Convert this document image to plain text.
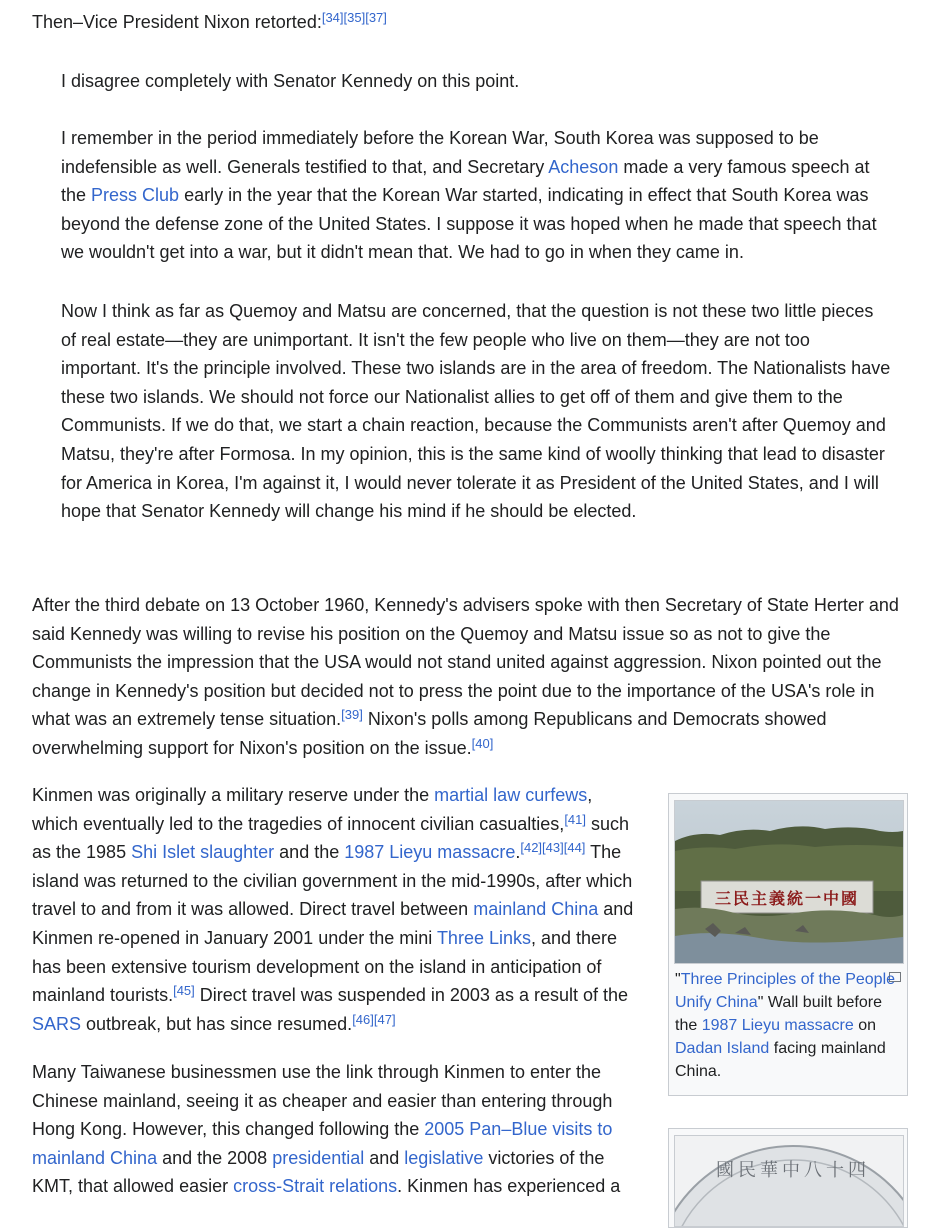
Then–Vice President Nixon retorted:[34][35][37]

I disagree completely with Senator Kennedy on this point.

I remember in the period immediately before the Korean War, South Korea was supposed to be indefensible as well. Generals testified to that, and Secretary Acheson made a very famous speech at the Press Club early in the year that the Korean War started, indicating in effect that South Korea was beyond the defense zone of the United States. I suppose it was hoped when he made that speech that we wouldn't get into a war, but it didn't mean that. We had to go in when they came in.

Now I think as far as Quemoy and Matsu are concerned, that the question is not these two little pieces of real estate—they are unimportant. It isn't the few people who live on them—they are not too important. It's the principle involved. These two islands are in the area of freedom. The Nationalists have these two islands. We should not force our Nationalist allies to get off of them and give them to the Communists. If we do that, we start a chain reaction, because the Communists aren't after Quemoy and Matsu, they're after Formosa. In my opinion, this is the same kind of woolly thinking that lead to disaster for America in Korea, I'm against it, I would never tolerate it as President of the United States, and I will hope that Senator Kennedy will change his mind if he should be elected.

After the third debate on 13 October 1960, Kennedy's advisers spoke with then Secretary of State Herter and said Kennedy was willing to revise his position on the Quemoy and Matsu issue so as not to give the Communists the impression that the USA would not stand united against aggression. Nixon pointed out the change in Kennedy's position but decided not to press the point due to the importance of the USA's role in what was an extremely tense situation.[39] Nixon's polls among Republicans and Democrats showed overwhelming support for Nixon's position on the issue.[40]

Kinmen was originally a military reserve under the martial law curfews, which eventually led to the tragedies of innocent civilian casualties,[41] such as the 1985 Shi Islet slaughter and the 1987 Lieyu massacre.[42][43][44] The island was returned to the civilian government in the mid-1990s, after which travel to and from it was allowed. Direct travel between mainland China and Kinmen re-opened in January 2001 under the mini Three Links, and there has been extensive tourism development on the island in anticipation of mainland tourists.[45] Direct travel was suspended in 2003 as a result of the SARS outbreak, but has since resumed.[46][47]

Many Taiwanese businessmen use the link through Kinmen to enter the Chinese mainland, seeing it as cheaper and easier than entering through Hong Kong. However, this changed following the 2005 Pan–Blue visits to mainland China and the 2008 presidential and legislative victories of the KMT, that allowed easier cross-Strait relations. Kinmen has experienced a

三民主義統一中國
"Three Principles of the People Unify China" Wall built before the 1987 Lieyu massacre on Dadan Island facing mainland China.
國民華中八十四
